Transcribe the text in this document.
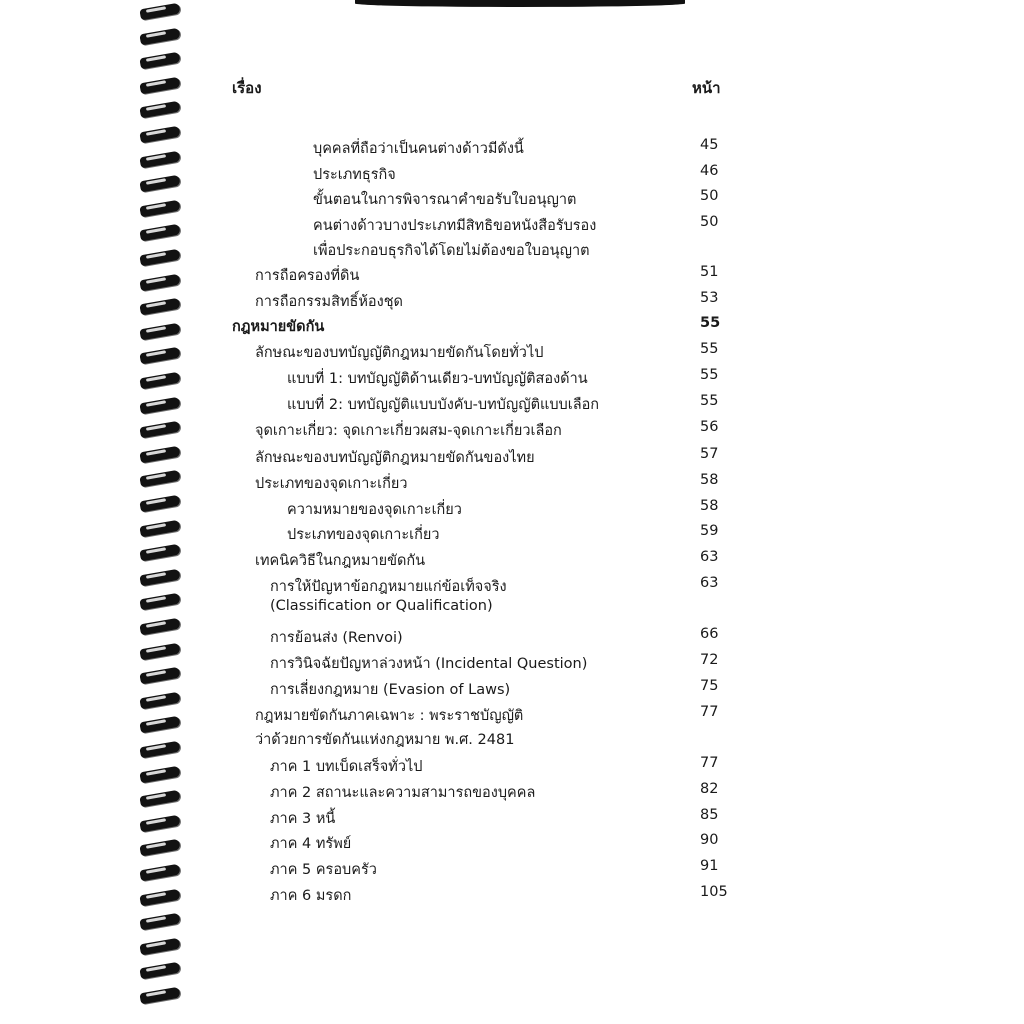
เรื่อง	หน้า
บุคคลที่ถือว่าเป็นคนต่างด้าวมีดังนี้	45
ประเภทธุรกิจ	46
ขั้นตอนในการพิจารณาคำขอรับใบอนุญาต	50
คนต่างด้าวบางประเภทมีสิทธิขอหนังสือรับรอง	50
เพื่อประกอบธุรกิจได้โดยไม่ต้องขอใบอนุญาต
การถือครองที่ดิน	51
การถือกรรมสิทธิ์ห้องชุด	53
กฎหมายขัดกัน	55
ลักษณะของบทบัญญัติกฎหมายขัดกันโดยทั่วไป	55
แบบที่ 1: บทบัญญัติด้านเดียว-บทบัญญัติสองด้าน	55
แบบที่ 2: บทบัญญัติแบบบังคับ-บทบัญญัติแบบเลือก	55
จุดเกาะเกี่ยว: จุดเกาะเกี่ยวผสม-จุดเกาะเกี่ยวเลือก	56
ลักษณะของบทบัญญัติกฎหมายขัดกันของไทย	57
ประเภทของจุดเกาะเกี่ยว	58
ความหมายของจุดเกาะเกี่ยว	58
ประเภทของจุดเกาะเกี่ยว	59
เทคนิควิธีในกฎหมายขัดกัน	63
การให้ปัญหาข้อกฎหมายแก่ข้อเท็จจริง	63
(Classification or Qualification)
การย้อนส่ง (Renvoi)	66
การวินิจฉัยปัญหาล่วงหน้า (Incidental Question)	72
การเลี่ยงกฎหมาย (Evasion of Laws)	75
กฎหมายขัดกันภาคเฉพาะ : พระราชบัญญัติ	77
ว่าด้วยการขัดกันแห่งกฎหมาย พ.ศ. 2481
ภาค 1 บทเบ็ดเสร็จทั่วไป	77
ภาค 2 สถานะและความสามารถของบุคคล	82
ภาค 3 หนี้	85
ภาค 4 ทรัพย์	90
ภาค 5 ครอบครัว	91
ภาค 6 มรดก	105
